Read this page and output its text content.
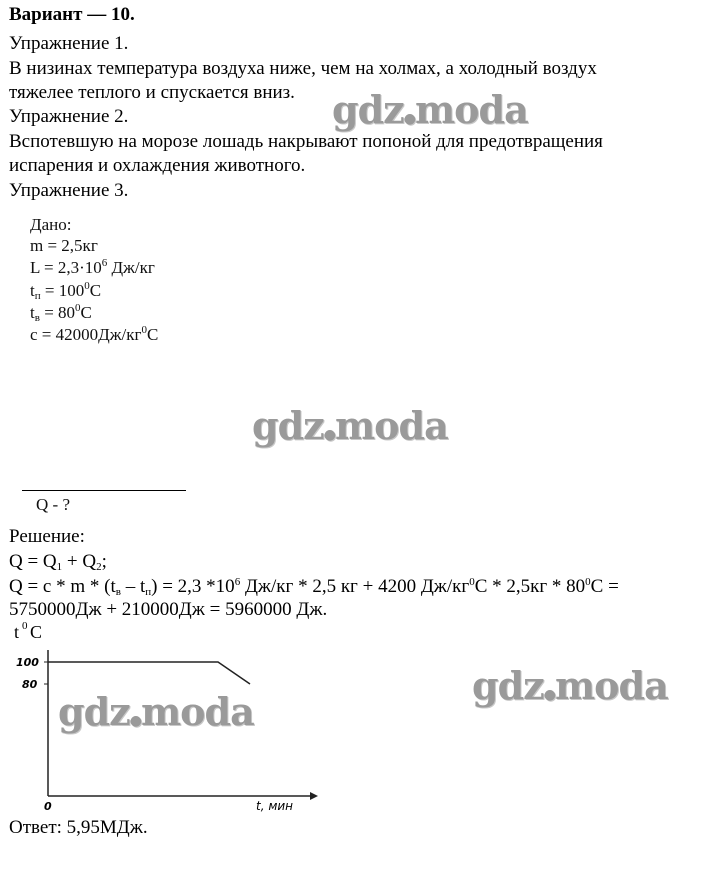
Вариант — 10.
Упражнение 1.
В низинах температура воздуха ниже, чем на холмах, а холодный воздух
тяжелее теплого и спускается вниз.
Упражнение 2.
Вспотевшую на морозе лошадь накрывают попоной для предотвращения
испарения и охлаждения животного.
Упражнение 3.
Дано:
m = 2,5кг
$L = 2,3\cdot 10^6$ Дж/кг
$t_п = 100^0C$
$t_в = 80^0C$
$c = 42000Дж/кг^0C$
Q - ?
Решение:
$Q = Q_1 + Q_2$;
$Q = c * m * (t_в - t_п) = 2,3$ $*10^6$ Дж/кг * 2,5 кг + 4200 $Дж/кг^0С * 2,5кг * 80^0С$ =
5750000Дж + 210000Дж = 5960000 Дж.
t 0 C
100
80
0	t, мин
Ответ: 5,95МДж.
gdz●moda
gdz●moda
gdz●moda
gdz●moda
